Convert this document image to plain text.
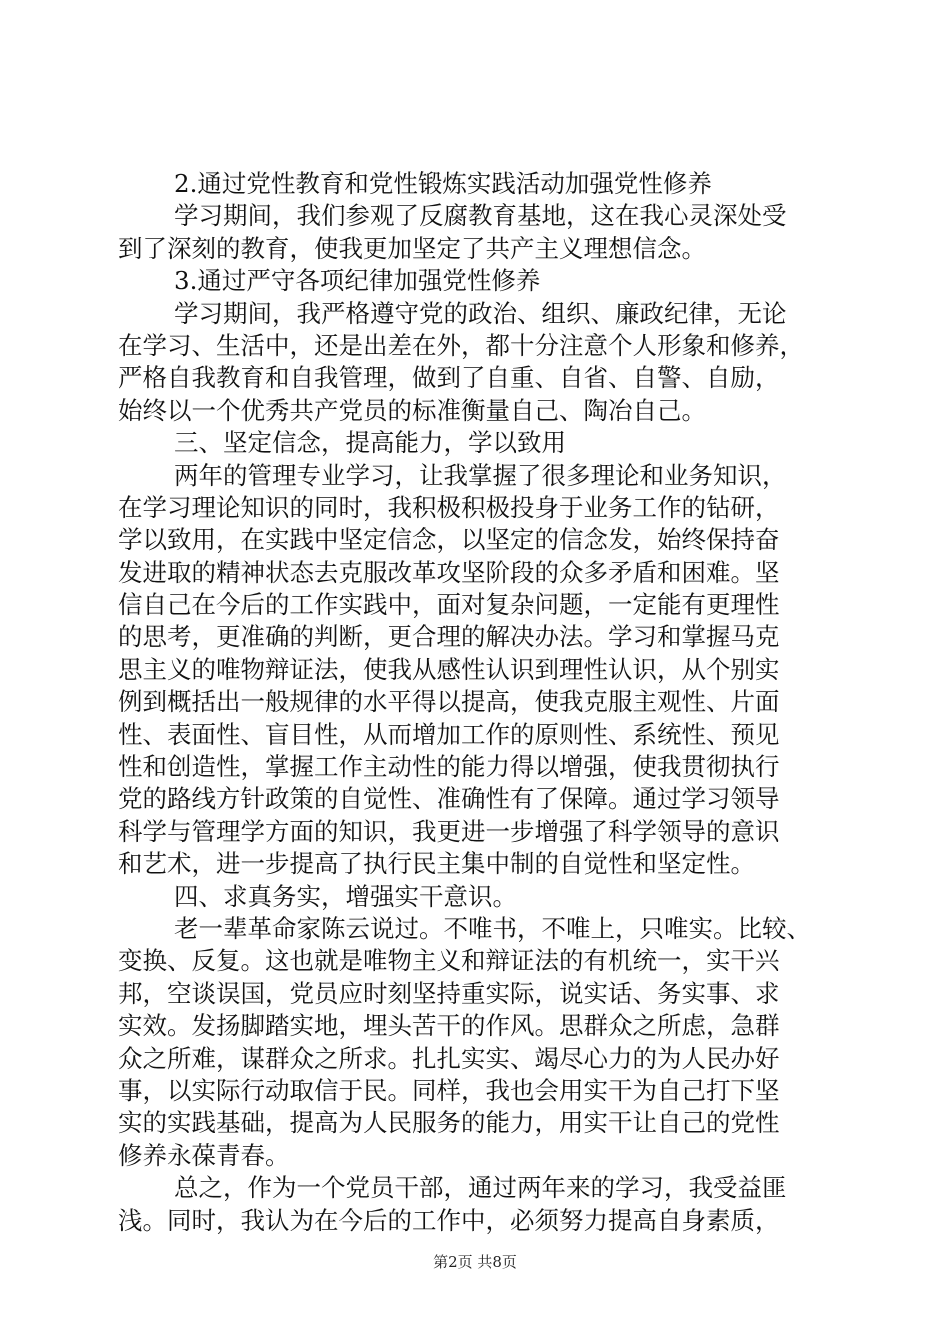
2.通过党性教育和党性锻炼实践活动加强党性修养
学习期间，我们参观了反腐教育基地，这在我心灵深处受
到了深刻的教育，使我更加坚定了共产主义理想信念。
3.通过严守各项纪律加强党性修养
学习期间，我严格遵守党的政治、组织、廉政纪律，无论
在学习、生活中，还是出差在外，都十分注意个人形象和修养，
严格自我教育和自我管理，做到了自重、自省、自警、自励，
始终以一个优秀共产党员的标准衡量自己、陶冶自己。
三、坚定信念，提高能力，学以致用
两年的管理专业学习，让我掌握了很多理论和业务知识，
在学习理论知识的同时，我积极积极投身于业务工作的钻研，
学以致用，在实践中坚定信念，以坚定的信念发，始终保持奋
发进取的精神状态去克服改革攻坚阶段的众多矛盾和困难。坚
信自己在今后的工作实践中，面对复杂问题，一定能有更理性
的思考，更准确的判断，更合理的解决办法。学习和掌握马克
思主义的唯物辩证法，使我从感性认识到理性认识，从个别实
例到概括出一般规律的水平得以提高，使我克服主观性、片面
性、表面性、盲目性，从而增加工作的原则性、系统性、预见
性和创造性，掌握工作主动性的能力得以增强，使我贯彻执行
党的路线方针政策的自觉性、准确性有了保障。通过学习领导
科学与管理学方面的知识，我更进一步增强了科学领导的意识
和艺术，进一步提高了执行民主集中制的自觉性和坚定性。
四、求真务实，增强实干意识。
老一辈革命家陈云说过。不唯书，不唯上，只唯实。比较、
变换、反复。这也就是唯物主义和辩证法的有机统一，实干兴
邦，空谈误国，党员应时刻坚持重实际，说实话、务实事、求
实效。发扬脚踏实地，埋头苦干的作风。思群众之所虑，急群
众之所难，谋群众之所求。扎扎实实、竭尽心力的为人民办好
事，以实际行动取信于民。同样，我也会用实干为自己打下坚
实的实践基础，提高为人民服务的能力，用实干让自己的党性
修养永葆青春。
总之，作为一个党员干部，通过两年来的学习，我受益匪
浅。同时，我认为在今后的工作中，必须努力提高自身素质，
第2页 共8页
